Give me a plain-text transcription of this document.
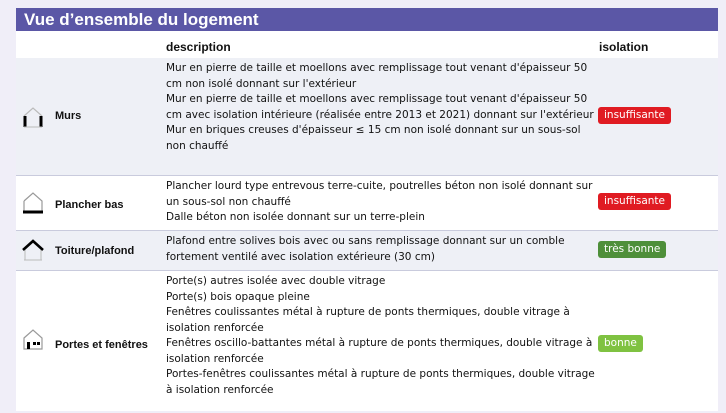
Vue d’ensemble du logement
description	isolation
Murs
Mur en pierre de taille et moellons avec remplissage tout venant d'épaisseur 50 cm non isolé donnant sur l'extérieur
Mur en pierre de taille et moellons avec remplissage tout venant d'épaisseur 50 cm avec isolation intérieure (réalisée entre 2013 et 2021) donnant sur l'extérieur
Mur en briques creuses d'épaisseur ≤ 15 cm non isolé donnant sur un sous-sol non chauffé
insuffisante
Plancher bas
Plancher lourd type entrevous terre-cuite, poutrelles béton non isolé donnant sur un sous-sol non chauffé
Dalle béton non isolée donnant sur un terre-plein
insuffisante
Toiture/plafond
Plafond entre solives bois avec ou sans remplissage donnant sur un comble fortement ventilé avec isolation extérieure (30 cm)
très bonne
Portes et fenêtres
Porte(s) autres isolée avec double vitrage
Porte(s) bois opaque pleine
Fenêtres coulissantes métal à rupture de ponts thermiques, double vitrage à isolation renforcée
Fenêtres oscillo-battantes métal à rupture de ponts thermiques, double vitrage à isolation renforcée
Portes-fenêtres coulissantes métal à rupture de ponts thermiques, double vitrage à isolation renforcée
bonne
